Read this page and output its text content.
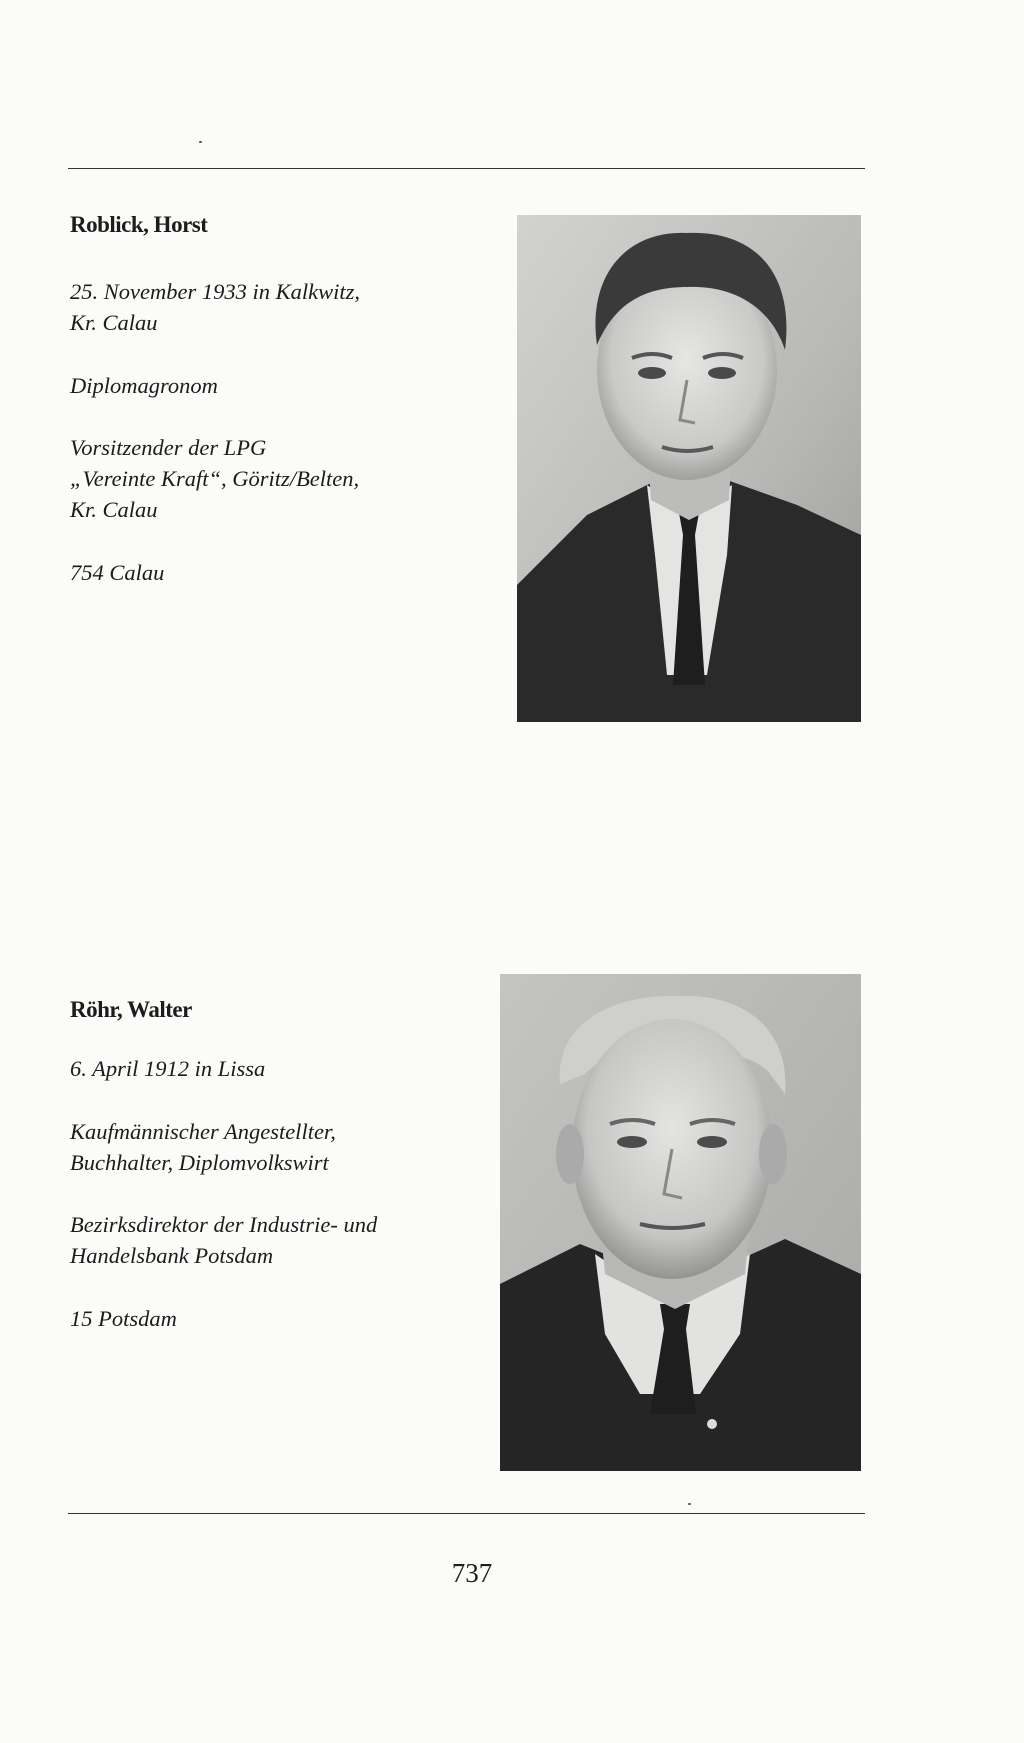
Roblick, Horst

25. November 1933 in Kalkwitz,

Kr. Calau

Diplomagronom

Vorsitzender der LPG

„Vereinte Kraft“, Göritz/Belten,

Kr. Calau

754 Calau

Röhr, Walter

6. April 1912 in Lissa

Kaufmännischer Angestellter,

Buchhalter, Diplomvolkswirt

Bezirksdirektor der Industrie- und

Handelsbank Potsdam

15 Potsdam

737
